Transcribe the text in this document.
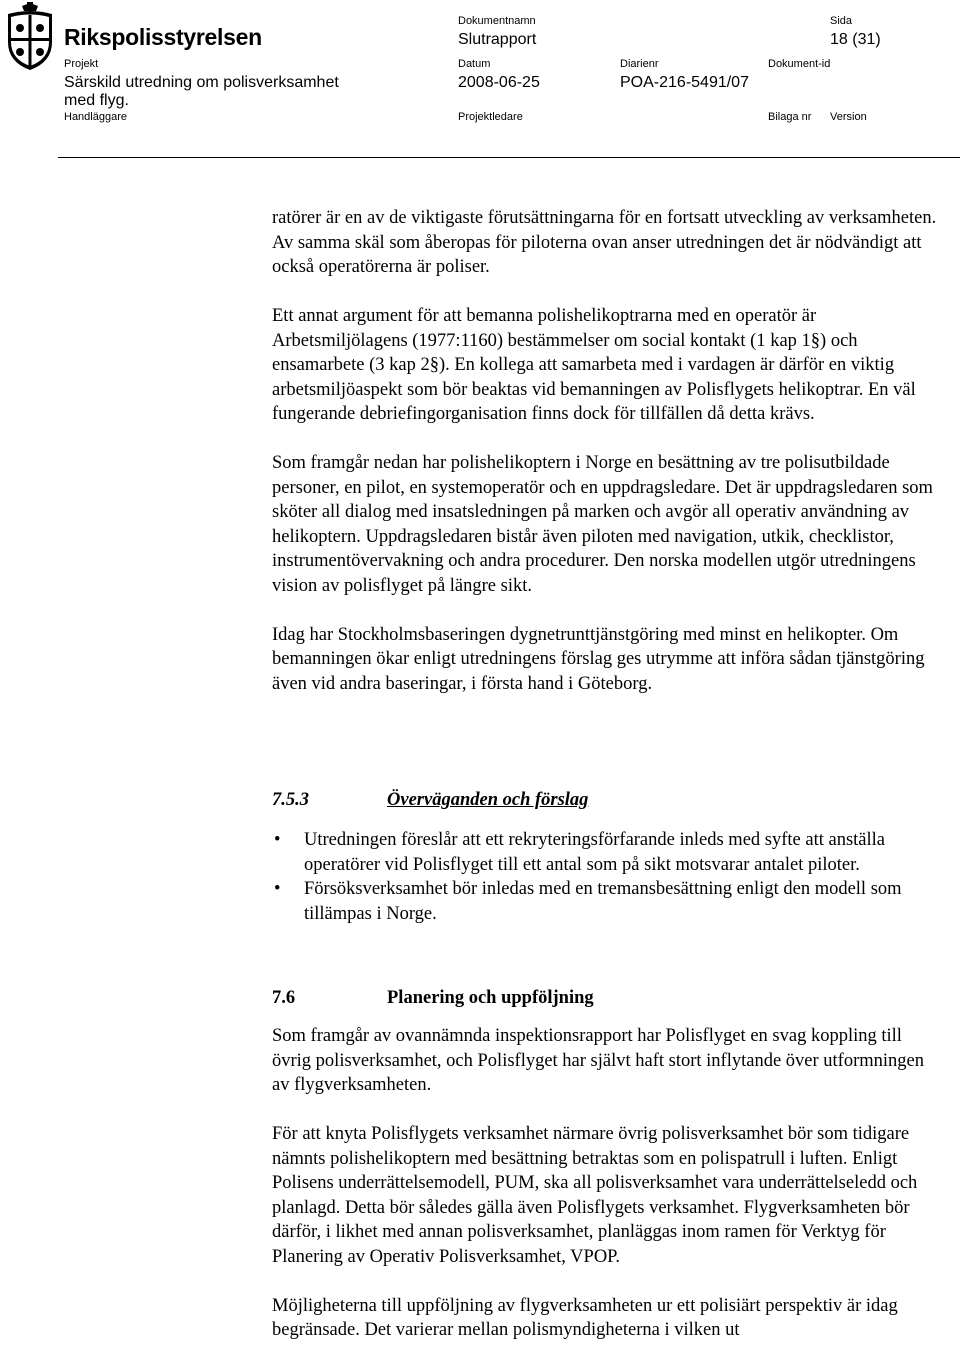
Rikspolisstyrelsen
Dokumentnamn	Sida
Slutrapport	18 (31)
Projekt	Datum	Diarienr	Dokument-id
Särskild utredning om polisverksamhet
med flyg.
2008-06-25	POA-216-5491/07
Handläggare	Projektledare	Bilaga nr Version

ratörer är en av de viktigaste förutsättningarna för en fortsatt utveckling av verksamheten. Av samma skäl som åberopas för piloterna ovan anser utredningen det är nödvändigt att också operatörerna är poliser.

Ett annat argument för att bemanna polishelikoptrarna med en operatör är Arbetsmiljölagens (1977:1160) bestämmelser om social kontakt (1 kap 1§) och ensamarbete (3 kap 2§). En kollega att samarbeta med i vardagen är därför en viktig arbetsmiljöaspekt som bör beaktas vid bemanningen av Polisflygets helikoptrar. En väl fungerande debriefingorganisation finns dock för tillfällen då detta krävs.

Som framgår nedan har polishelikoptern i Norge en besättning av tre polisutbildade personer, en pilot, en systemoperatör och en uppdragsledare. Det är uppdragsledaren som sköter all dialog med insatsledningen på marken och avgör all operativ användning av helikoptern. Uppdragsledaren bistår även piloten med navigation, utkik, checklistor, instrumentövervakning och andra procedurer. Den norska modellen utgör utredningens vision av polisflyget på längre sikt.

Idag har Stockholmsbaseringen dygnetrunttjänstgöring med minst en helikopter. Om bemanningen ökar enligt utredningens förslag ges utrymme att införa sådan tjänstgöring även vid andra baseringar, i första hand i Göteborg.

7.5.3	Överväganden och förslag
• Utredningen föreslår att ett rekryteringsförfarande inleds med syfte att anställa operatörer vid Polisflyget till ett antal som på sikt motsvarar antalet piloter.
• Försöksverksamhet bör inledas med en tremansbesättning enligt den modell som tillämpas i Norge.
7.6	Planering och uppföljning

Som framgår av ovannämnda inspektionsrapport har Polisflyget en svag koppling till övrig polisverksamhet, och Polisflyget har självt haft stort inflytande över utformningen av flygverksamheten.

För att knyta Polisflygets verksamhet närmare övrig polisverksamhet bör som tidigare nämnts polishelikoptern med besättning betraktas som en polispatrull i luften. Enligt Polisens underrättelsemodell, PUM, ska all polisverksamhet vara underrättelseledd och planlagd. Detta bör således gälla även Polisflygets verksamhet. Flygverksamheten bör därför, i likhet med annan polisverksamhet, planläggas inom ramen för Verktyg för Planering av Operativ Polisverksamhet, VPOP.

Möjligheterna till uppföljning av flygverksamheten ur ett polisiärt perspektiv är idag begränsade. Det varierar mellan polismyndigheterna i vilken ut
